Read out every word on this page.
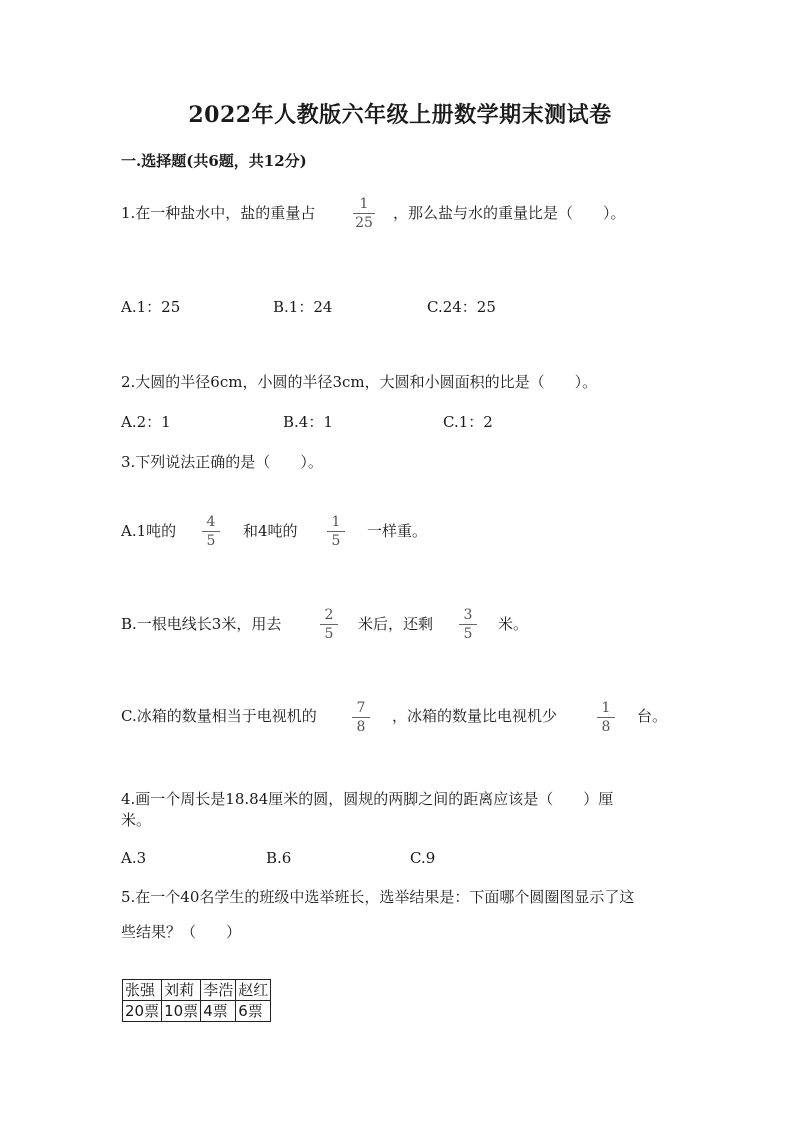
2022年人教版六年级上册数学期末测试卷
一.选择题(共6题，共12分)
1.在一种盐水中，盐的重量占	1
25
，那么盐与水的重量比是（　　）。
A.1：25	B.1：24	C.24：25
2.大圆的半径6cm，小圆的半径3cm，大圆和小圆面积的比是（　　）。
A.2：1	B.4：1	C.1：2
3.下列说法正确的是（　　）。
A.1吨的 4
5
和4吨的 1
5
一样重。
B.一根电线长3米，用去	2
5
米后，还剩 3
5
米。
C.冰箱的数量相当于电视机的	7
8
，冰箱的数量比电视机少	1
8
台。
4.画一个周长是18.84厘米的圆，圆规的两脚之间的距离应该是（　　）厘
米。
A.3	B.6	C.9
5.在一个40名学生的班级中选举班长，选举结果是：下面哪个圆圈图显示了这
些结果？（　　）
张强	刘莉	李浩	赵红
20票	10票	4票	6票
